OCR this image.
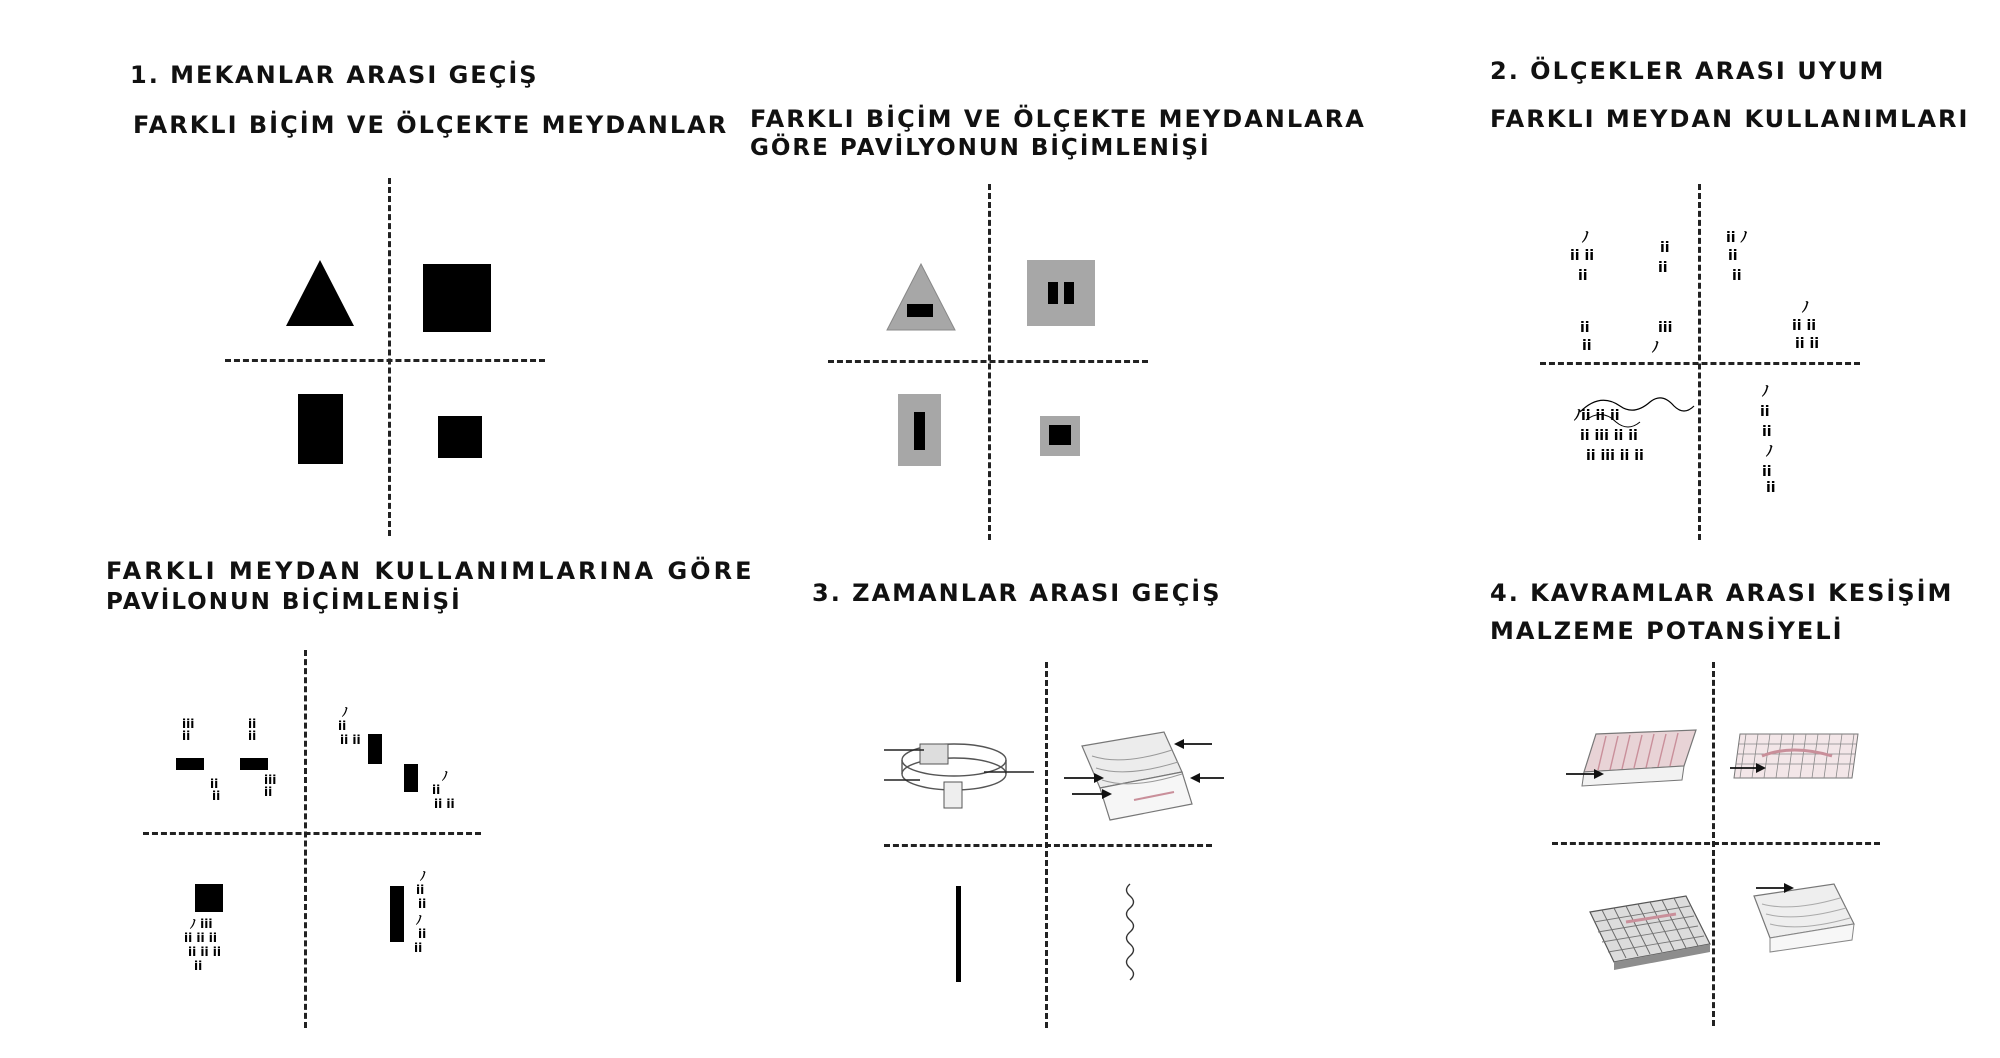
1. MEKANLAR ARASI GEÇİŞ
FARKLI BİÇİM VE ÖLÇEKTE MEYDANLAR FARKLI BİÇİM VE ÖLÇEKTE MEYDANLARA
GÖRE PAVİLYONUN BİÇİMLENİŞİ
2. ÖLÇEKLER ARASI UYUM
FARKLI MEYDAN KULLANIMLARI
ﾉ
ii ii
ii
ii
ii
ii ﾉ
ii
ii
ii
ii
iii
ﾉ
ﾉ
ii ii
ii ii
ﾉ
ii
ii
ﾉ
ii
ii
ﾉii ii ii
ii iii ii ii
ii iii ii ii
FARKLI MEYDAN KULLANIMLARINA GÖRE
PAVİLONUN BİÇİMLENİŞİ
iii
ii
ii
ii
ii
ii
iii
ii
ﾉ
ii
ii ii
ﾉ
ii
ii ii
ﾉ
ii
ii
ﾉ
ii
ii
ﾉ iii
ii ii ii
ii ii ii
ii
3. ZAMANLAR ARASI GEÇİŞ	4. KAVRAMLAR ARASI KESİŞİM
MALZEME POTANSİYELİ
